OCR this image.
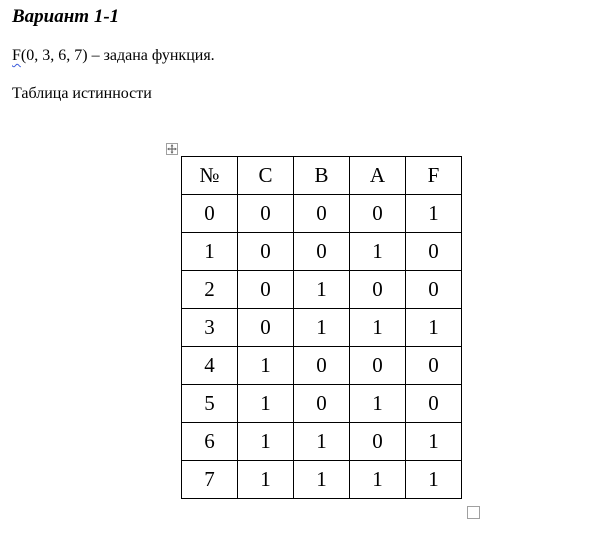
Вариант 1-1

F(0, 3, 6, 7) – задана функция.

Таблица истинности

№	C	B	A	F
0	0	0	0	1
1	0	0	1	0
2	0	1	0	0
3	0	1	1	1
4	1	0	0	0
5	1	0	1	0
6	1	1	0	1
7	1	1	1	1
